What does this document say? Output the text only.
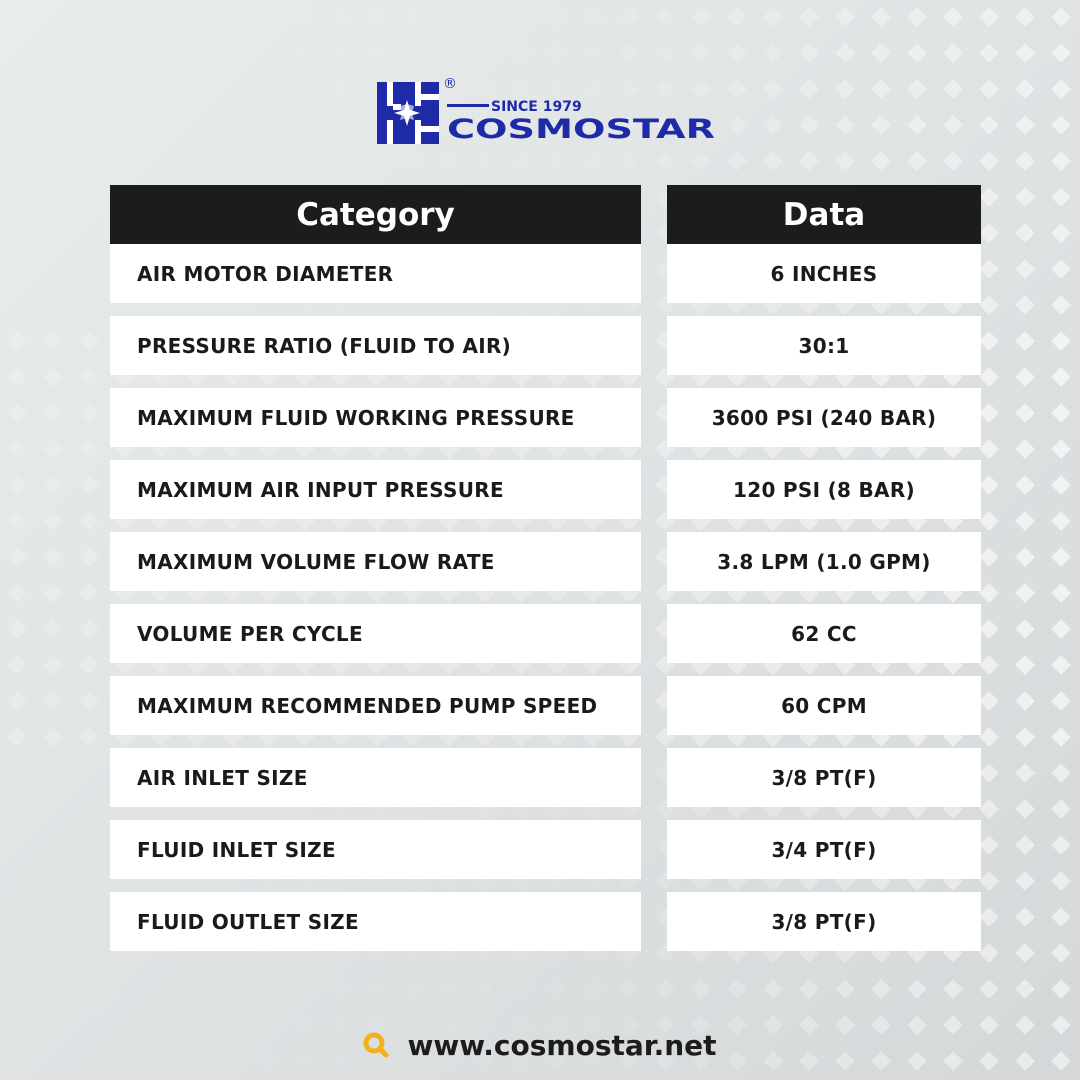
®
SINCE 1979
COSMOSTAR
Category	Data
AIR MOTOR DIAMETER	6 INCHES
PRESSURE RATIO (FLUID TO AIR)	30:1
MAXIMUM FLUID WORKING PRESSURE	3600 PSI (240 BAR)
MAXIMUM AIR INPUT PRESSURE	120 PSI (8 BAR)
MAXIMUM VOLUME FLOW RATE	3.8 LPM (1.0 GPM)
VOLUME PER CYCLE	62 CC
MAXIMUM RECOMMENDED PUMP SPEED	60 CPM
AIR INLET SIZE	3/8 PT(F)
FLUID INLET SIZE	3/4 PT(F)
FLUID OUTLET SIZE	3/8 PT(F)
www.cosmostar.net
